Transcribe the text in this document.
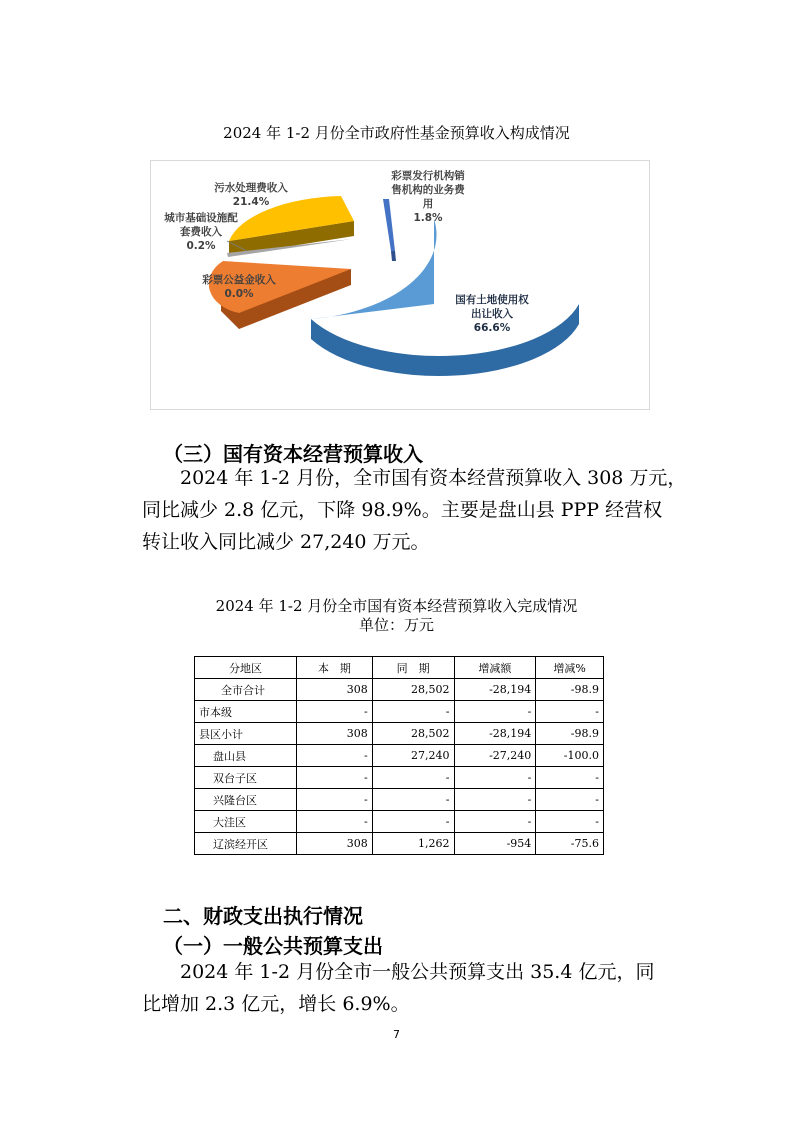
2024 年 1-2 月份全市政府性基金预算收入构成情况
污水处理费收入
21.4%
城市基础设施配
套费收入
0.2%
彩票公益金收入
0.0%
彩票发行机构销
售机构的业务费
用
1.8%
国有土地使用权
出让收入
66.6%
（三）国有资本经营预算收入

2024 年 1-2 月份，全市国有资本经营预算收入 308 万元，

同比减少 2.8 亿元，下降 98.9%。主要是盘山县 PPP 经营权

转让收入同比减少 27,240 万元。

2024 年 1-2 月份全市国有资本经营预算收入完成情况
单位：万元
分地区	本　期	同　期	增减额	增减%
全市合计	308	28,502	-28,194	-98.9
市本级	-	-	-	-
县区小计	308	28,502	-28,194	-98.9
盘山县	-	27,240	-27,240	-100.0
双台子区	-	-	-	-
兴隆台区	-	-	-	-
大洼区	-	-	-	-
辽滨经开区	308	1,262	-954	-75.6
二、财政支出执行情况
（一）一般公共预算支出

2024 年 1-2 月份全市一般公共预算支出 35.4 亿元，同

比增加 2.3 亿元，增长 6.9%。

7
